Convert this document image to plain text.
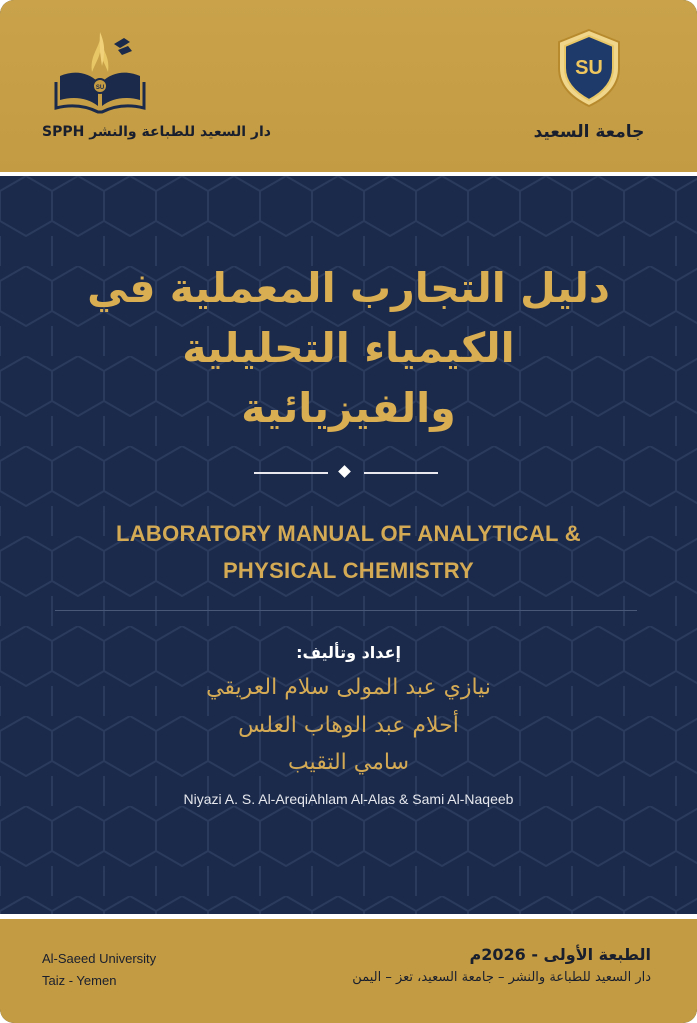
SU
دار السعيد للطباعة والنشر SPPH
SU
جامعة السعيد
دليل التجارب المعملية في
الكيمياء التحليلية
والفيزيائية
LABORATORY MANUAL OF ANALYTICAL &
PHYSICAL CHEMISTRY
إعداد وتأليف:
نيازي عبد المولى سلام العريقي
أحلام عبد الوهاب العلس
سامي التقيب
Niyazi A. S. Al-AreqiAhlam Al-Alas & Sami Al-Naqeeb
Al-Saeed University
Taiz - Yemen
الطبعة الأولى - 2026م
دار السعيد للطباعة والنشر – جامعة السعيد، تعز – اليمن
